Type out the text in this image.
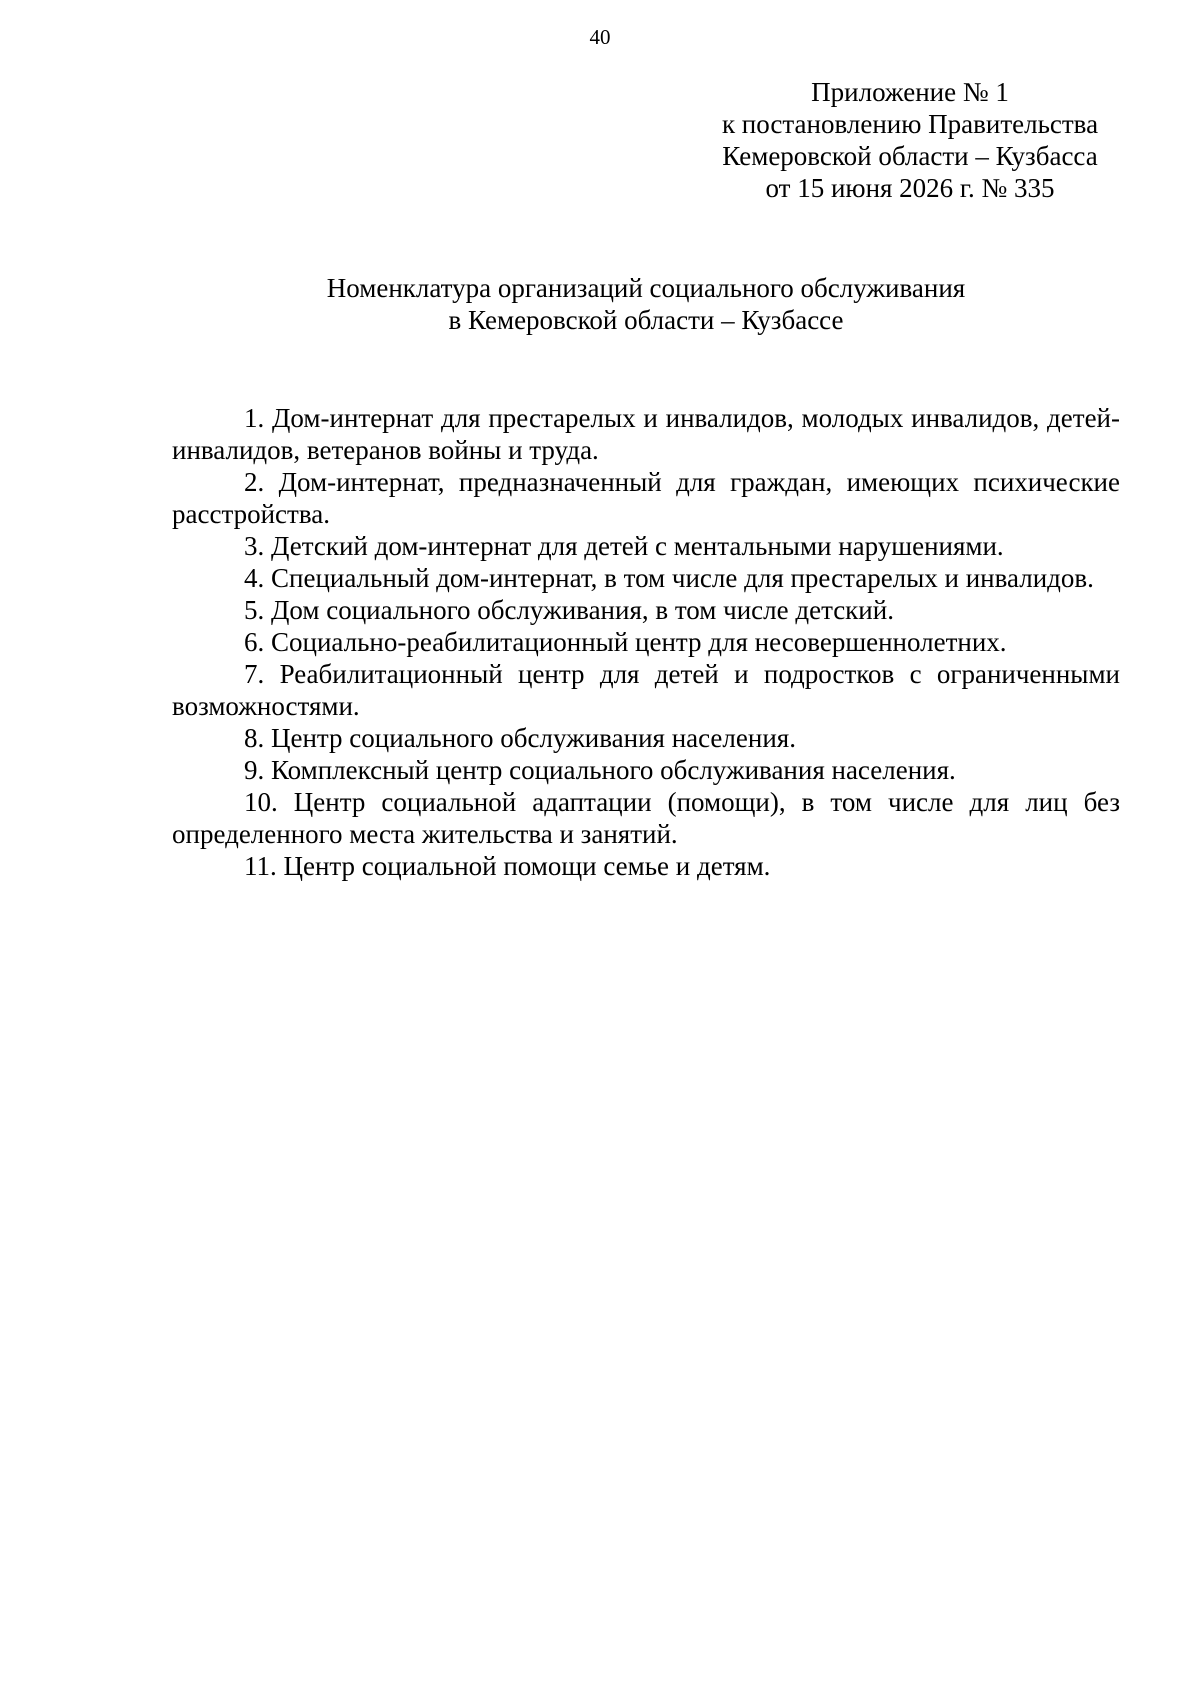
40
Приложение № 1
к постановлению Правительства
Кемеровской области – Кузбасса
от 15 июня 2026 г. № 335
Номенклатура организаций социального обслуживания
в Кемеровской области – Кузбассе
1. Дом-интернат для престарелых и инвалидов, молодых инвалидов, детей-инвалидов, ветеранов войны и труда.
2. Дом-интернат, предназначенный для граждан, имеющих психические расстройства.
3. Детский дом-интернат для детей с ментальными нарушениями.
4. Специальный дом-интернат, в том числе для престарелых и инвалидов.
5. Дом социального обслуживания, в том числе детский.
6. Социально-реабилитационный центр для несовершеннолетних.
7. Реабилитационный центр для детей и подростков с ограниченными возможностями.
8. Центр социального обслуживания населения.
9. Комплексный центр социального обслуживания населения.
10. Центр социальной адаптации (помощи), в том числе для лиц без определенного места жительства и занятий.
11. Центр социальной помощи семье и детям.
